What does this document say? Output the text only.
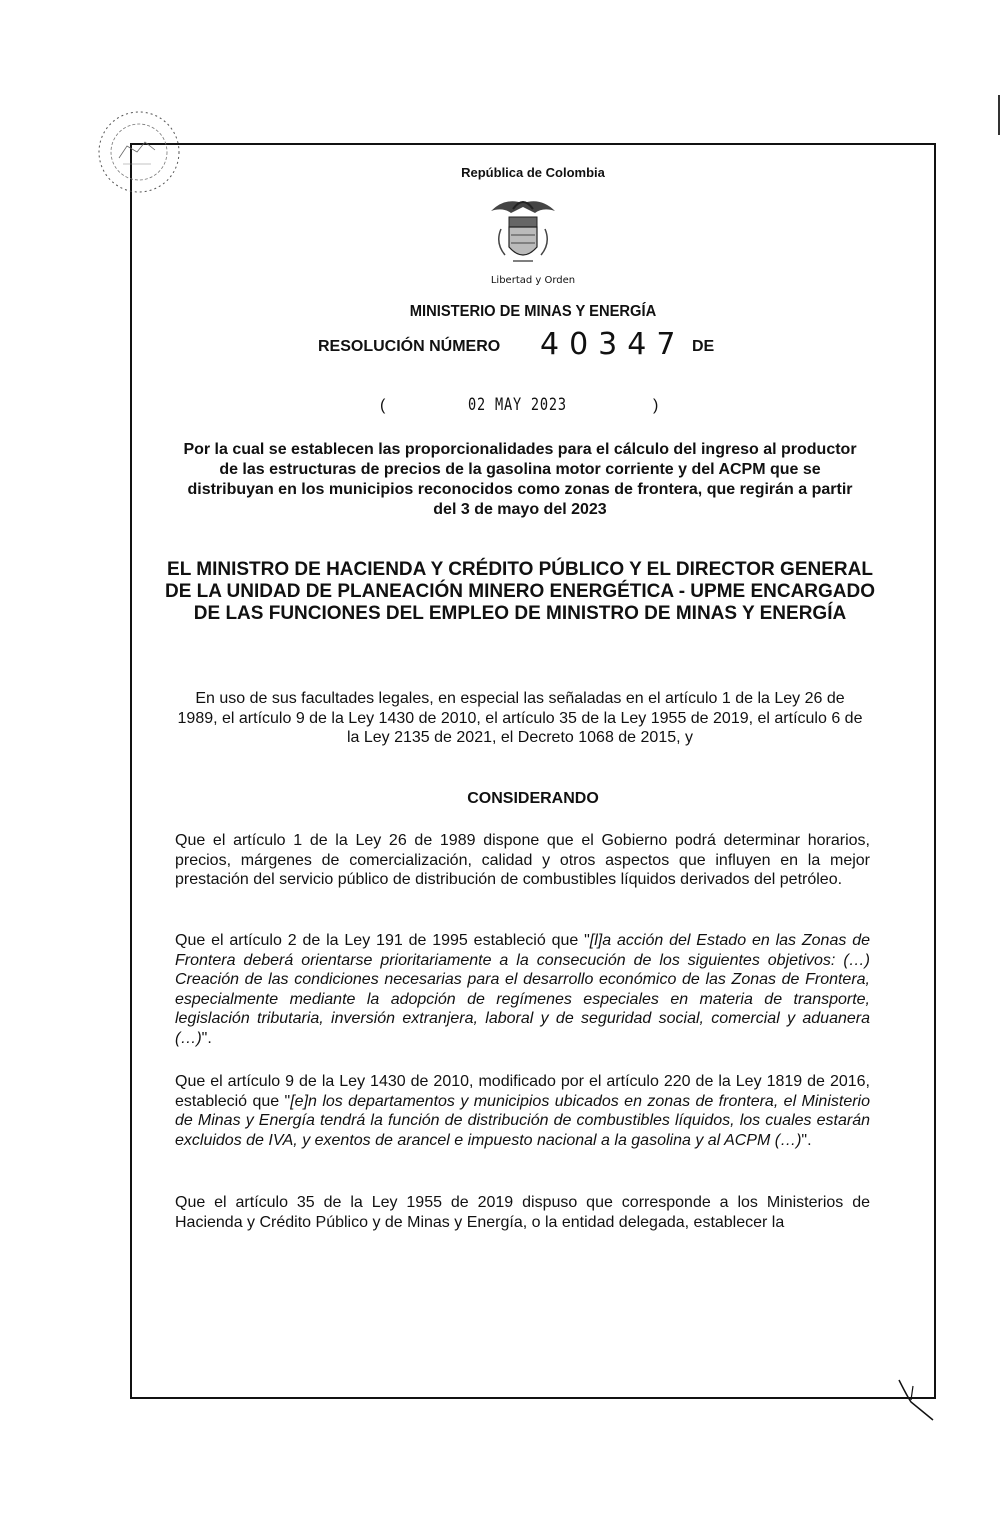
República de Colombia
Libertad y Orden
MINISTERIO DE MINAS Y ENERGÍA
RESOLUCIÓN NÚMERO 40347 DE
(	02 MAY 2023	)
Por la cual se establecen las proporcionalidades para el cálculo del ingreso al productor de las estructuras de precios de la gasolina motor corriente y del ACPM que se distribuyan en los municipios reconocidos como zonas de frontera, que regirán a partir del 3 de mayo del 2023
EL MINISTRO DE HACIENDA Y CRÉDITO PÚBLICO Y EL DIRECTOR GENERAL DE LA UNIDAD DE PLANEACIÓN MINERO ENERGÉTICA - UPME ENCARGADO DE LAS FUNCIONES DEL EMPLEO DE MINISTRO DE MINAS Y ENERGÍA
En uso de sus facultades legales, en especial las señaladas en el artículo 1 de la Ley 26 de 1989, el artículo 9 de la Ley 1430 de 2010, el artículo 35 de la Ley 1955 de 2019, el artículo 6 de la Ley 2135 de 2021, el Decreto 1068 de 2015, y
CONSIDERANDO
Que el artículo 1 de la Ley 26 de 1989 dispone que el Gobierno podrá determinar horarios, precios, márgenes de comercialización, calidad y otros aspectos que influyen en la mejor prestación del servicio público de distribución de combustibles líquidos derivados del petróleo.
Que el artículo 2 de la Ley 191 de 1995 estableció que "[l]a acción del Estado en las Zonas de Frontera deberá orientarse prioritariamente a la consecución de los siguientes objetivos: (…) Creación de las condiciones necesarias para el desarrollo económico de las Zonas de Frontera, especialmente mediante la adopción de regímenes especiales en materia de transporte, legislación tributaria, inversión extranjera, laboral y de seguridad social, comercial y aduanera (…)".
Que el artículo 9 de la Ley 1430 de 2010, modificado por el artículo 220 de la Ley 1819 de 2016, estableció que "[e]n los departamentos y municipios ubicados en zonas de frontera, el Ministerio de Minas y Energía tendrá la función de distribución de combustibles líquidos, los cuales estarán excluidos de IVA, y exentos de arancel e impuesto nacional a la gasolina y al ACPM (…)".
Que el artículo 35 de la Ley 1955 de 2019 dispuso que corresponde a los Ministerios de Hacienda y Crédito Público y de Minas y Energía, o la entidad delegada, establecer la
